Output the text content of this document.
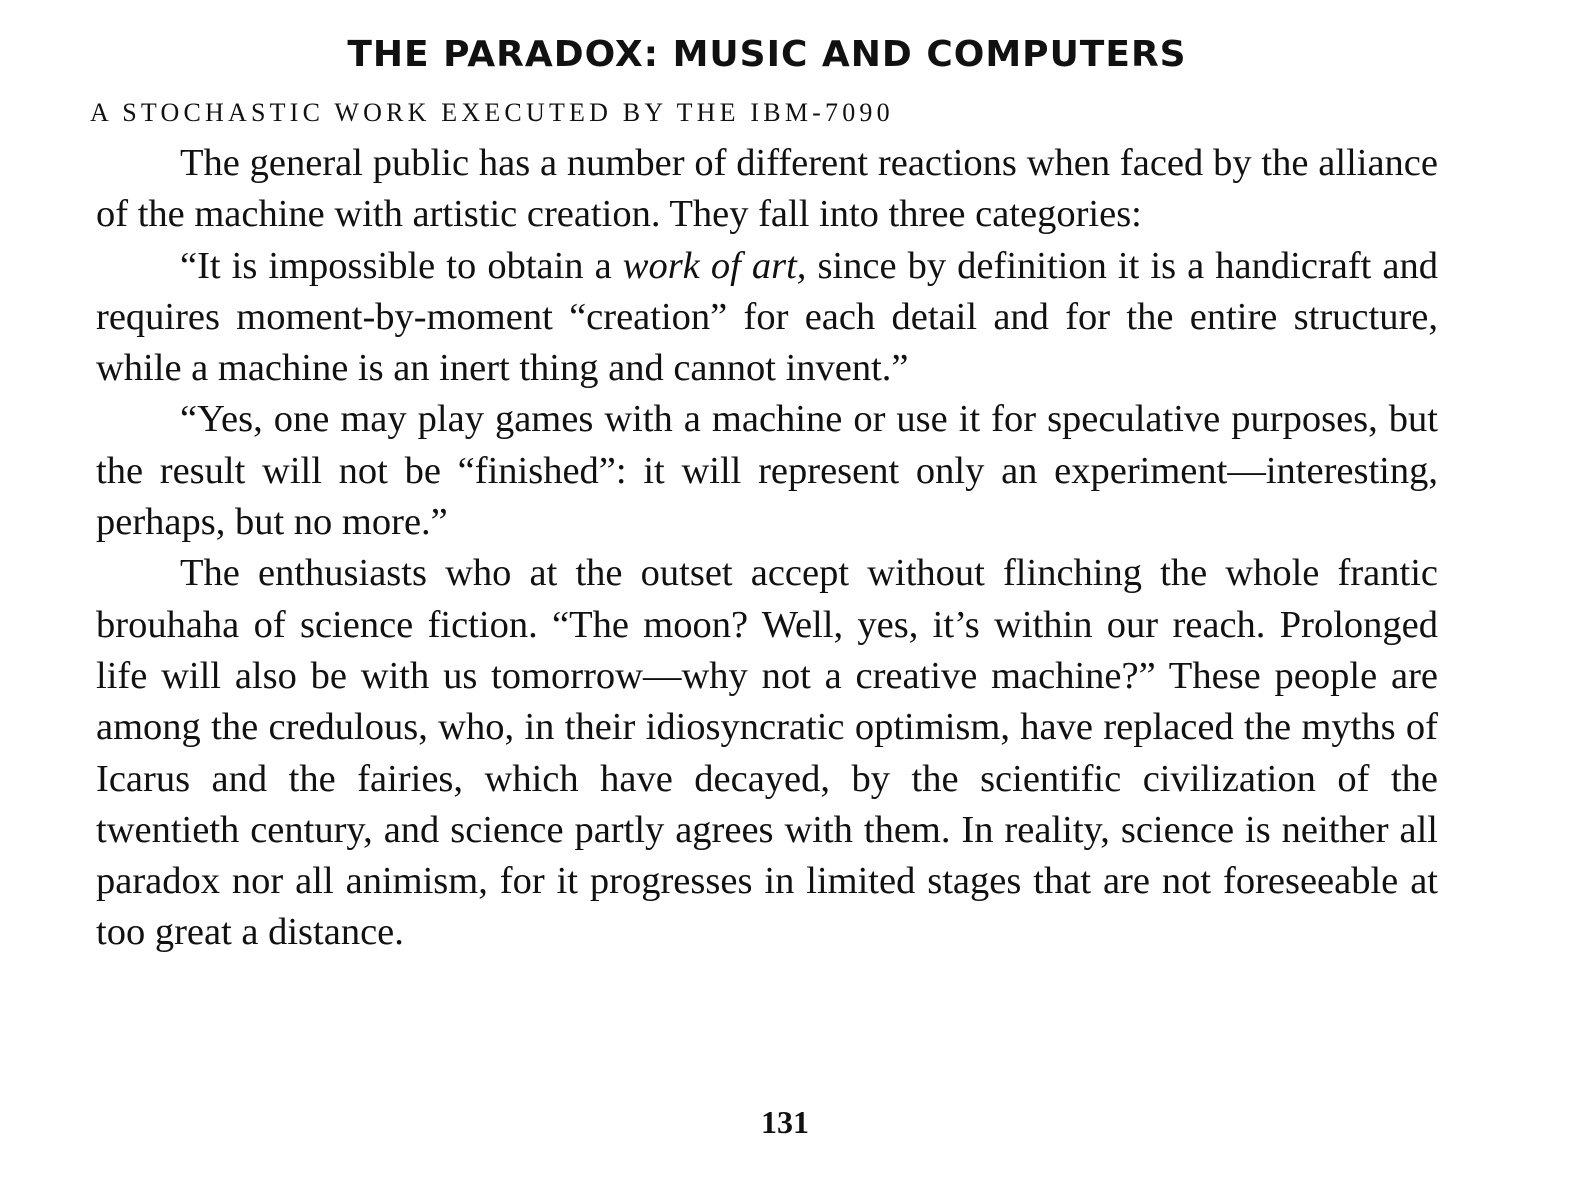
THE PARADOX: MUSIC AND COMPUTERS
A STOCHASTIC WORK EXECUTED BY THE IBM-7090

The general public has a number of different reactions when faced by the alliance of the machine with artistic creation. They fall into three categories:

“It is impossible to obtain a work of art, since by definition it is a handicraft and requires moment-by-moment “creation” for each detail and for the entire structure, while a machine is an inert thing and cannot invent.”

“Yes, one may play games with a machine or use it for speculative purposes, but the result will not be “finished”: it will represent only an experiment—interesting, perhaps, but no more.”

The enthusiasts who at the outset accept without flinching the whole frantic brouhaha of science fiction. “The moon? Well, yes, it’s within our reach. Prolonged life will also be with us tomorrow—why not a creative machine?” These people are among the credulous, who, in their idiosyncratic optimism, have replaced the myths of Icarus and the fairies, which have decayed, by the scientific civilization of the twentieth century, and science partly agrees with them. In reality, science is neither all paradox nor all animism, for it progresses in limited stages that are not foreseeable at too great a distance.

131
